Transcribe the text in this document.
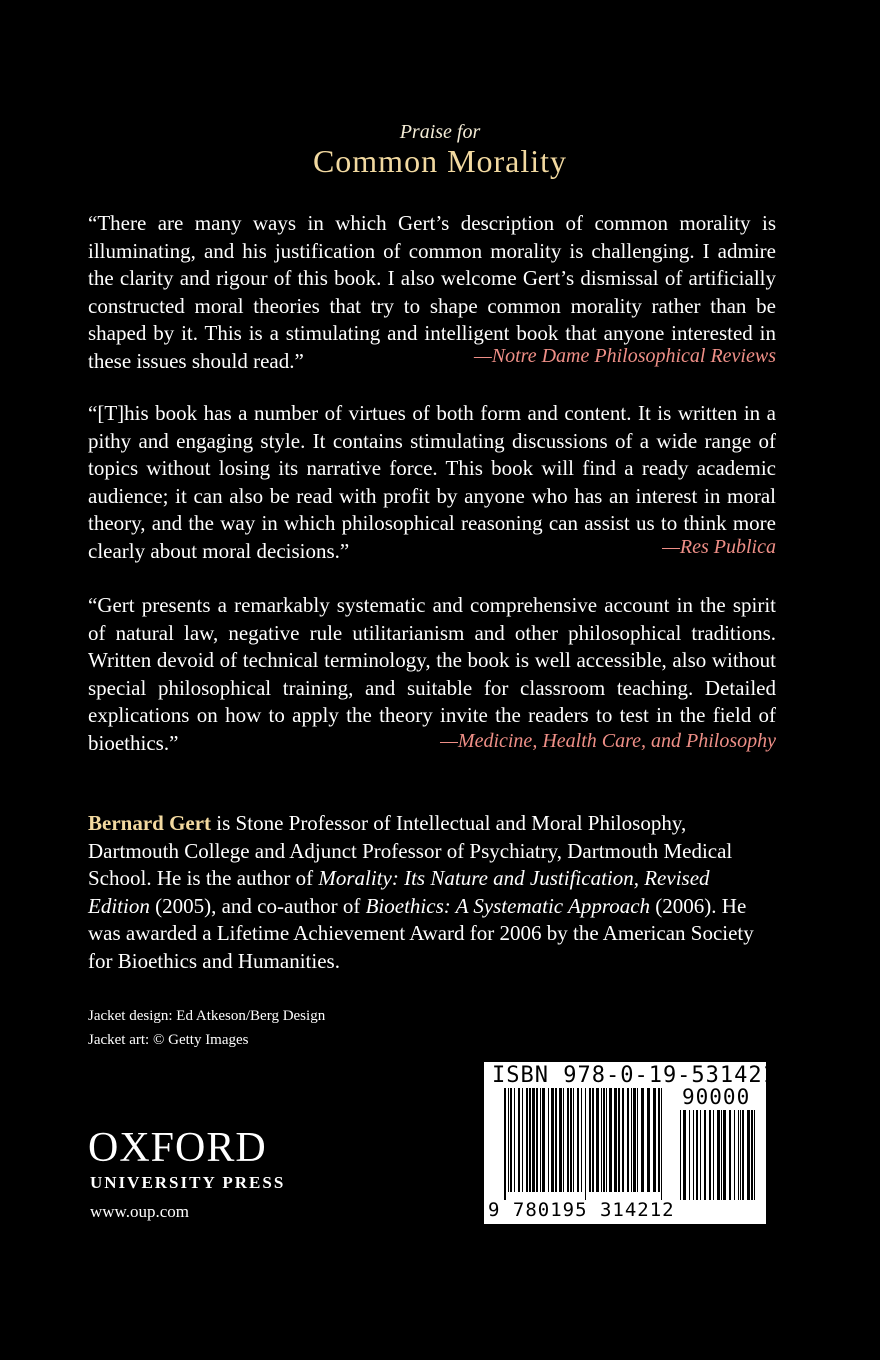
Praise for
Common Morality
“There are many ways in which Gert’s description of common morality is illuminating, and his justification of common morality is challenging. I admire the clarity and rigour of this book. I also welcome Gert’s dismissal of artificially constructed moral theories that try to shape common morality rather than be shaped by it. This is a stimulating and intelligent book that anyone interested in these issues should read.”	—Notre Dame Philosophical Reviews
“[T]his book has a number of virtues of both form and content. It is written in a pithy and engaging style. It contains stimulating discussions of a wide range of topics without losing its narrative force. This book will find a ready academic audience; it can also be read with profit by anyone who has an interest in moral theory, and the way in which philosophical reasoning can assist us to think more clearly about moral decisions.”	—Res Publica
“Gert presents a remarkably systematic and comprehensive account in the spirit of natural law, negative rule utilitarianism and other philosophical traditions. Written devoid of technical terminology, the book is well accessible, also without special philosophical training, and suitable for classroom teaching. Detailed explications on how to apply the theory invite the readers to test in the field of bioethics.”	—Medicine, Health Care, and Philosophy
Bernard Gert is Stone Professor of Intellectual and Moral Philosophy, Dartmouth College and Adjunct Professor of Psychiatry, Dartmouth Medical School. He is the author of Morality: Its Nature and Justification, Revised Edition (2005), and co-author of Bioethics: A Systematic Approach (2006). He was awarded a Lifetime Achievement Award for 2006 by the American Society for Bioethics and Humanities.
Jacket design: Ed Atkeson/Berg Design
Jacket art: © Getty Images
OXFORD
UNIVERSITY PRESS
www.oup.com
ISBN 978-0-19-531421-2
90000
9 780195 314212
